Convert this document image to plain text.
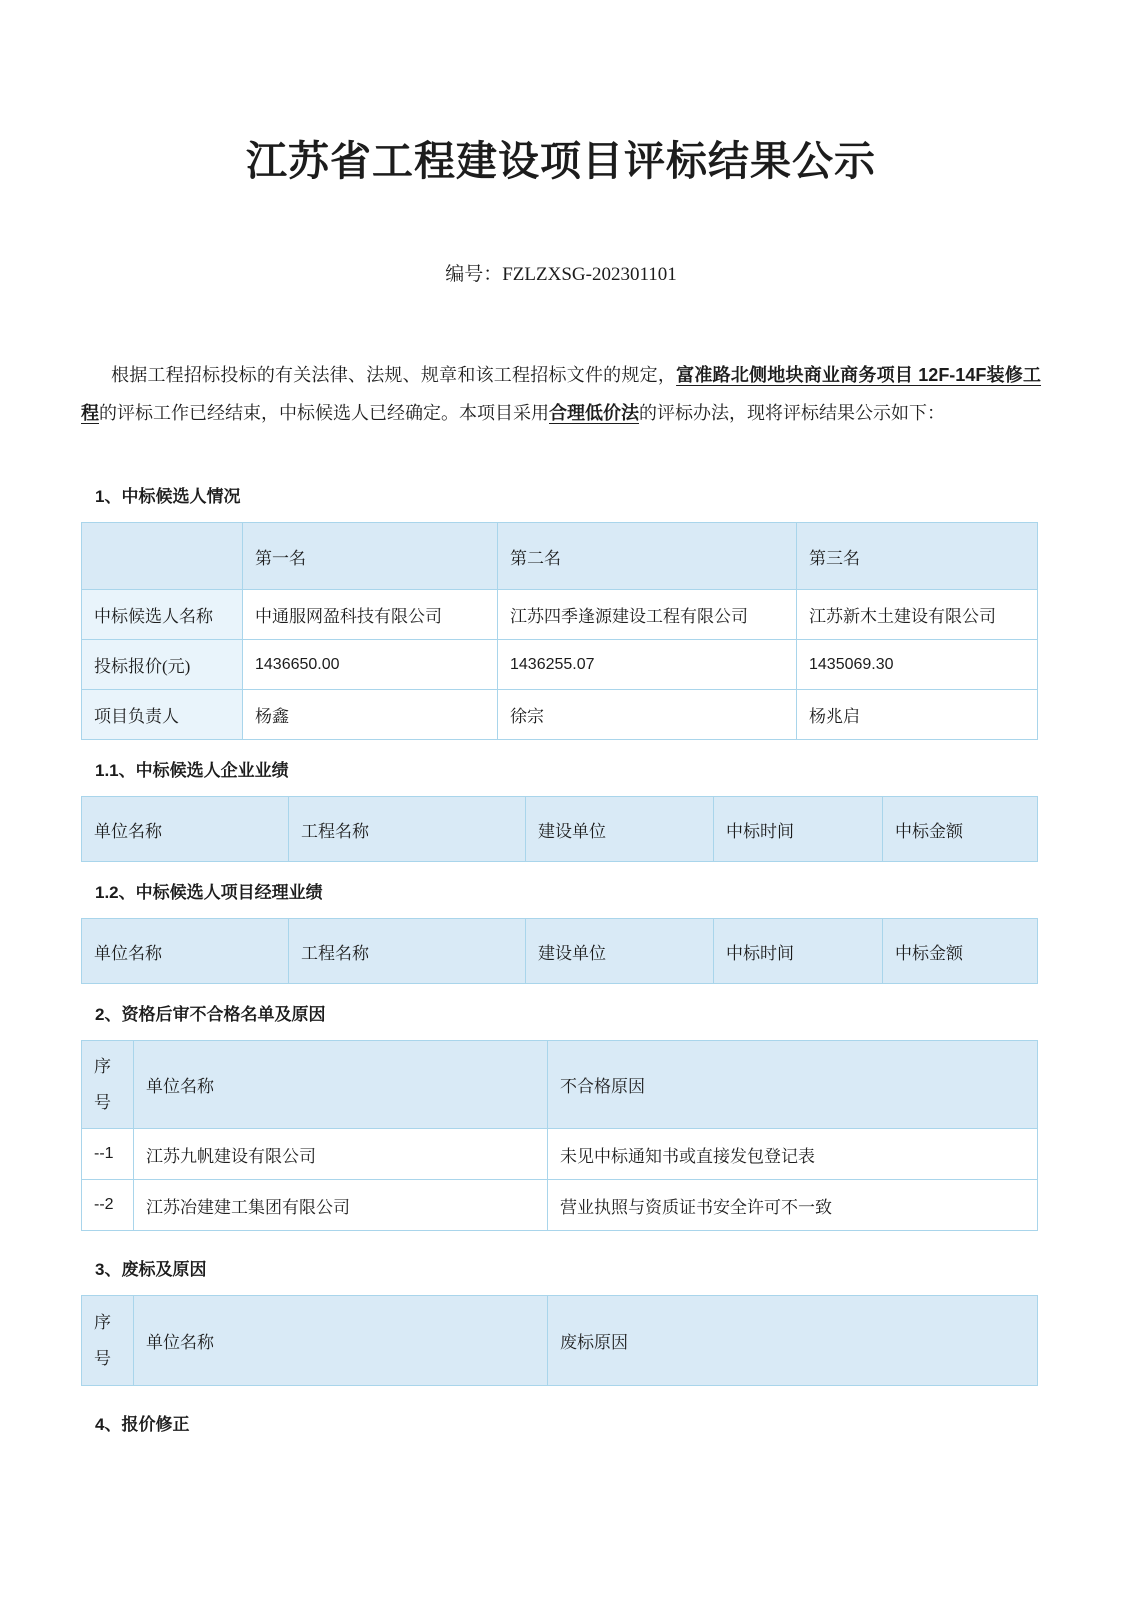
江苏省工程建设项目评标结果公示
编号：FZLZXSG-202301101

根据工程招标投标的有关法律、法规、规章和该工程招标文件的规定，富准路北侧地块商业商务项目 12F-14F装修工程的评标工作已经结束，中标候选人已经确定。本项目采用合理低价法的评标办法，现将评标结果公示如下：

1、中标候选人情况
	第一名	第二名	第三名
中标候选人名称	中通服网盈科技有限公司	江苏四季逢源建设工程有限公司	江苏新木土建设有限公司
投标报价(元)	1436650.00	1436255.07	1435069.30
项目负责人	杨鑫	徐宗	杨兆启
1.1、中标候选人企业业绩
单位名称	工程名称	建设单位	中标时间	中标金额
1.2、中标候选人项目经理业绩
单位名称	工程名称	建设单位	中标时间	中标金额
2、资格后审不合格名单及原因
序号	单位名称	不合格原因
--1	江苏九帆建设有限公司	未见中标通知书或直接发包登记表
--2	江苏冶建建工集团有限公司	营业执照与资质证书安全许可不一致
3、废标及原因
序号	单位名称	废标原因
4、报价修正
